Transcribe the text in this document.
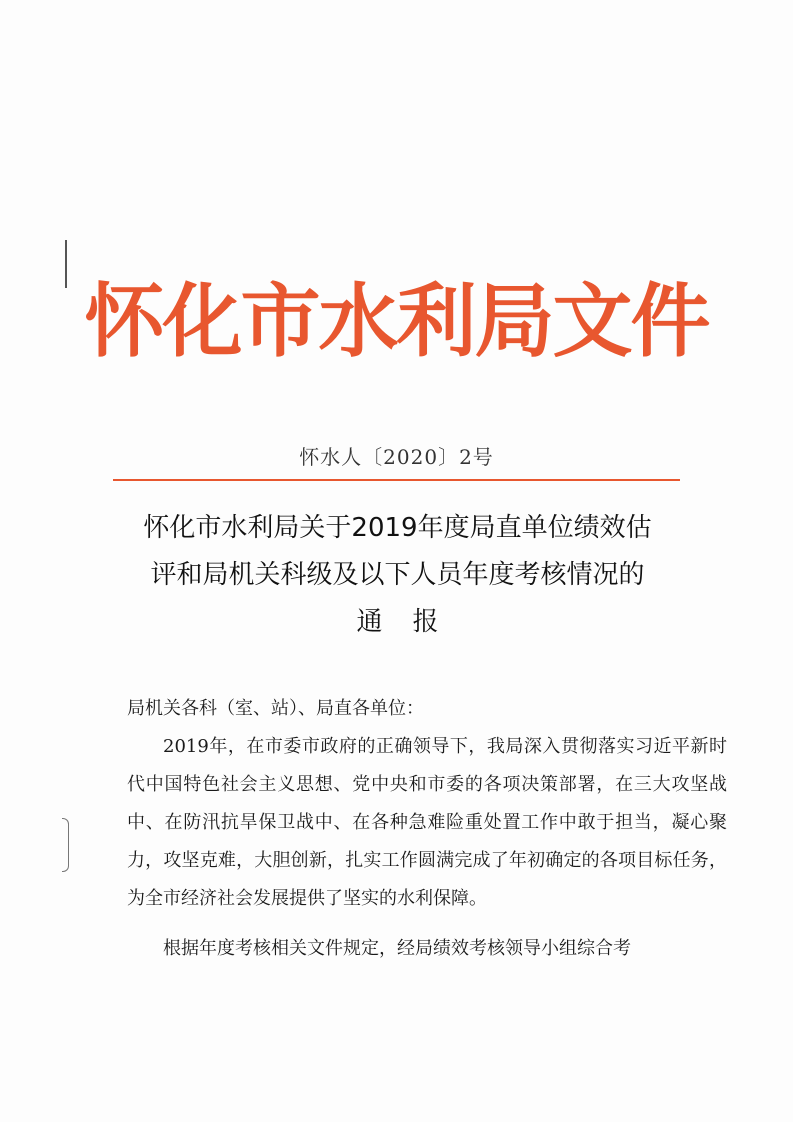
怀化市水利局文件
怀水人〔2020〕2号
怀化市水利局关于2019年度局直单位绩效估
评和局机关科级及以下人员年度考核情况的
通报

局机关各科（室、站）、局直各单位：

2019年，在市委市政府的正确领导下，我局深入贯彻落实习近平新时代中国特色社会主义思想、党中央和市委的各项决策部署，在三大攻坚战中、在防汛抗旱保卫战中、在各种急难险重处置工作中敢于担当，凝心聚力，攻坚克难，大胆创新，扎实工作圆满完成了年初确定的各项目标任务，为全市经济社会发展提供了坚实的水利保障。

根据年度考核相关文件规定，经局绩效考核领导小组综合考
